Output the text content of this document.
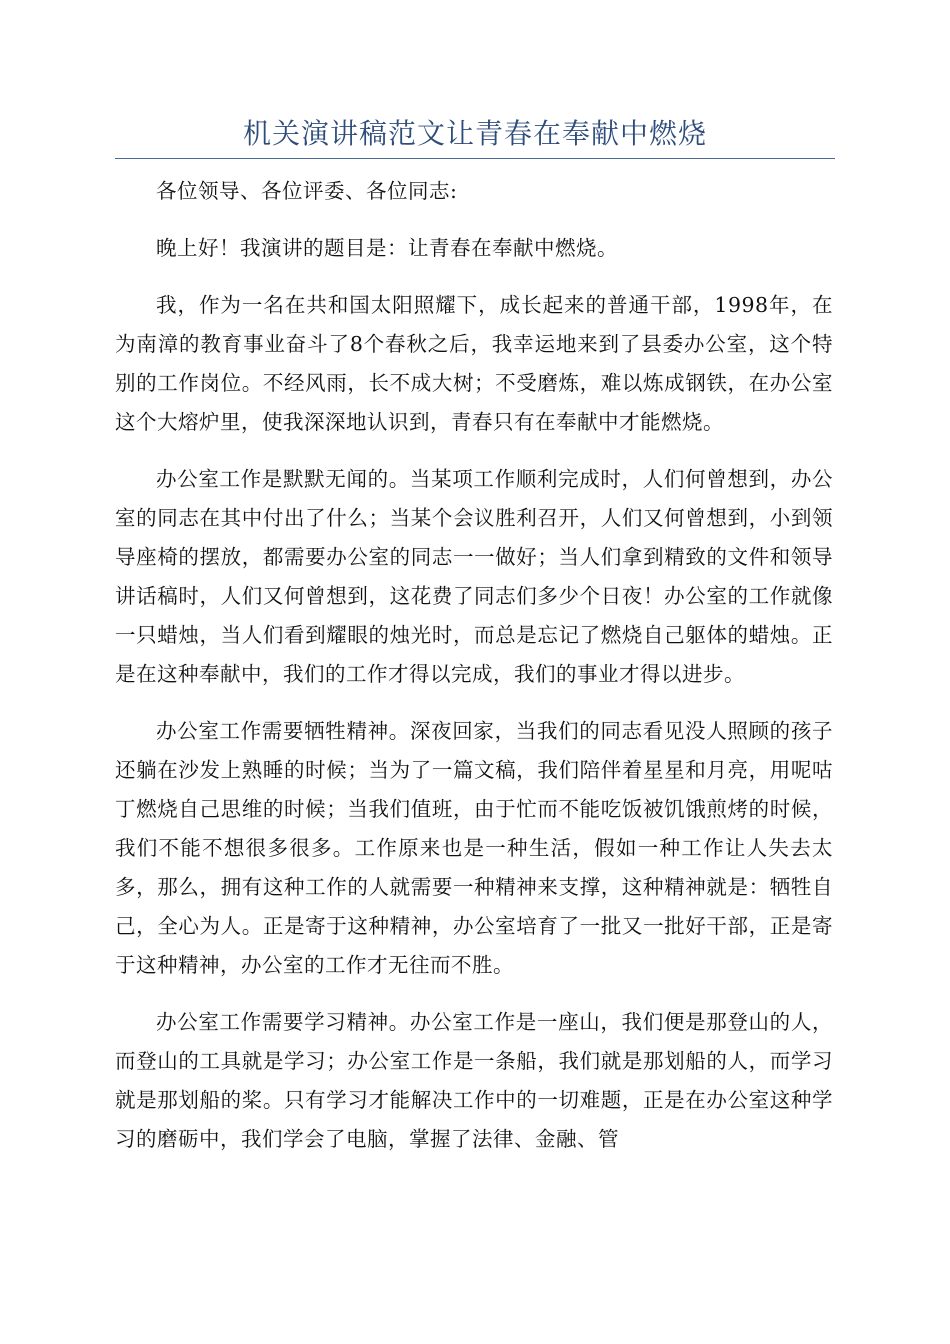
机关演讲稿范文让青春在奉献中燃烧

各位领导、各位评委、各位同志:

晚上好！我演讲的题目是：让青春在奉献中燃烧。

我，作为一名在共和国太阳照耀下，成长起来的普通干部，1998年，在为南漳的教育事业奋斗了8个春秋之后，我幸运地来到了县委办公室，这个特别的工作岗位。不经风雨，长不成大树；不受磨炼，难以炼成钢铁，在办公室这个大熔炉里，使我深深地认识到，青春只有在奉献中才能燃烧。

办公室工作是默默无闻的。当某项工作顺利完成时，人们何曾想到，办公室的同志在其中付出了什么；当某个会议胜利召开，人们又何曾想到，小到领导座椅的摆放，都需要办公室的同志一一做好；当人们拿到精致的文件和领导讲话稿时，人们又何曾想到，这花费了同志们多少个日夜！办公室的工作就像一只蜡烛，当人们看到耀眼的烛光时，而总是忘记了燃烧自己躯体的蜡烛。正是在这种奉献中，我们的工作才得以完成，我们的事业才得以进步。

办公室工作需要牺牲精神。深夜回家，当我们的同志看见没人照顾的孩子还躺在沙发上熟睡的时候；当为了一篇文稿，我们陪伴着星星和月亮，用呢咕丁燃烧自己思维的时候；当我们值班，由于忙而不能吃饭被饥饿煎烤的时候，我们不能不想很多很多。工作原来也是一种生活，假如一种工作让人失去太多，那么，拥有这种工作的人就需要一种精神来支撑，这种精神就是：牺牲自己，全心为人。正是寄于这种精神，办公室培育了一批又一批好干部，正是寄于这种精神，办公室的工作才无往而不胜。

办公室工作需要学习精神。办公室工作是一座山，我们便是那登山的人，而登山的工具就是学习；办公室工作是一条船，我们就是那划船的人，而学习就是那划船的桨。只有学习才能解决工作中的一切难题，正是在办公室这种学习的磨砺中，我们学会了电脑，掌握了法律、金融、管
